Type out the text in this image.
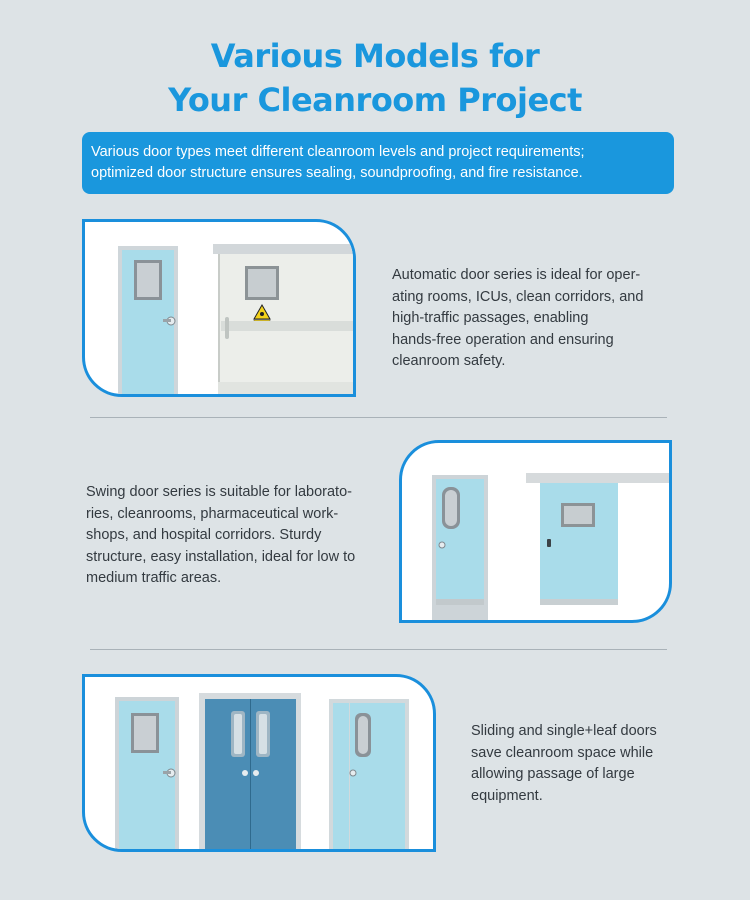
Various Models for
Your Cleanroom Project
Various door types meet different cleanroom levels and project requirements;
optimized door structure ensures sealing, soundproofing, and fire resistance.
Automatic door series is ideal for oper-
ating rooms, ICUs, clean corridors, and
high-traffic passages, enabling
hands-free operation and ensuring
cleanroom safety.
Swing door series is suitable for laborato-
ries, cleanrooms, pharmaceutical work-
shops, and hospital corridors. Sturdy
structure, easy installation, ideal for low to
medium traffic areas.
Sliding and single+leaf doors
save cleanroom space while
allowing passage of large
equipment.
